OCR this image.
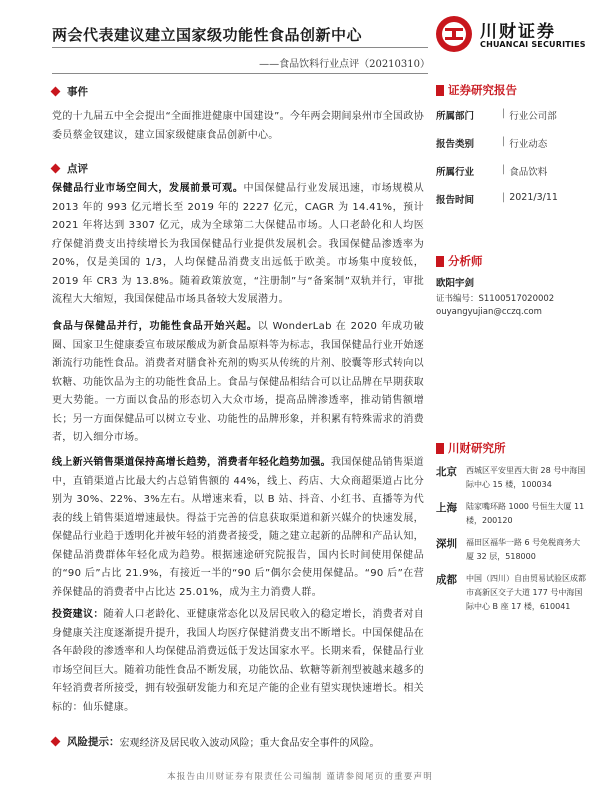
两会代表建议建立国家级功能性食品创新中心
——食品饮料行业点评（20210310）
川财证券
CHUANCAI SECURITIES
事件
党的十九届五中全会提出“全面推进健康中国建设”。今年两会期间泉州市全国政协委员蔡金钗建议，建立国家级健康食品创新中心。
点评
保健品行业市场空间大，发展前景可观。中国保健品行业发展迅速，市场规模从 2013 年的 993 亿元增长至 2019 年的 2227 亿元，CAGR 为 14.41%，预计 2021 年将达到 3307 亿元，成为全球第二大保健品市场。人口老龄化和人均医疗保健消费支出持续增长为我国保健品行业提供发展机会。我国保健品渗透率为 20%，仅是美国的 1/3，人均保健品消费支出远低于欧美。市场集中度较低，2019 年 CR3 为 13.8%。随着政策放宽，“注册制”与“备案制”双轨并行，审批流程大大缩短，我国保健品市场具备较大发展潜力。
食品与保健品并行，功能性食品开始兴起。以 WonderLab 在 2020 年成功破圈、国家卫生健康委宣布玻尿酸成为新食品原料等为标志，我国保健品行业开始逐渐流行功能性食品。消费者对膳食补充剂的购买从传统的片剂、胶囊等形式转向以软糖、功能饮品为主的功能性食品上。食品与保健品相结合可以让品牌在早期获取更大势能。一方面以食品的形态切入大众市场，提高品牌渗透率，推动销售额增长；另一方面保健品可以树立专业、功能性的品牌形象，并积累有特殊需求的消费者，切入细分市场。
线上新兴销售渠道保持高增长趋势，消费者年轻化趋势加强。我国保健品销售渠道中，直销渠道占比最大约占总销售额的 44%，线上、药店、大众商超渠道占比分别为 30%、22%、3%左右。从增速来看，以 B 站、抖音、小红书、直播等为代表的线上销售渠道增速最快。得益于完善的信息获取渠道和新兴媒介的快速发展，保健品行业趋于透明化并被年轻的消费者接受，随之建立起新的品牌和产品认知，保健品消费群体年轻化成为趋势。根据速途研究院报告，国内长时间使用保健品的“90 后”占比 21.9%，有接近一半的“90 后”偶尔会使用保健品。“90 后”在营养保健品的消费者中占比达 25.01%，成为主力消费人群。
投资建议：随着人口老龄化、亚健康常态化以及居民收入的稳定增长，消费者对自身健康关注度逐渐提升提升，我国人均医疗保健消费支出不断增长。中国保健品在各年龄段的渗透率和人均保健品消费远低于发达国家水平。长期来看，保健品行业市场空间巨大。随着功能性食品不断发展，功能饮品、软糖等新剂型被越来越多的年轻消费者所接受，拥有较强研发能力和充足产能的企业有望实现快速增长。相关标的：仙乐健康。
风险提示： 宏观经济及居民收入波动风险；重大食品安全事件的风险。
证券研究报告
所属部门	| 行业公司部
报告类别	| 行业动态
所属行业	| 食品饮料
报告时间	| 2021/3/11
分析师
欧阳宇剑
证书编号：S1100517020002
ouyangyujian@cczq.com
川财研究所
北京	西城区平安里西大街 28 号中海国际中心 15 楼，100034
上海	陆家嘴环路 1000 号恒生大厦 11 楼，200120
深圳	福田区福华一路 6 号免税商务大厦 32 层，518000
成都	中国（四川）自由贸易试验区成都市高新区交子大道 177 号中海国际中心 B 座 17 楼，610041
本报告由川财证券有限责任公司编制 谨请参阅尾页的重要声明
